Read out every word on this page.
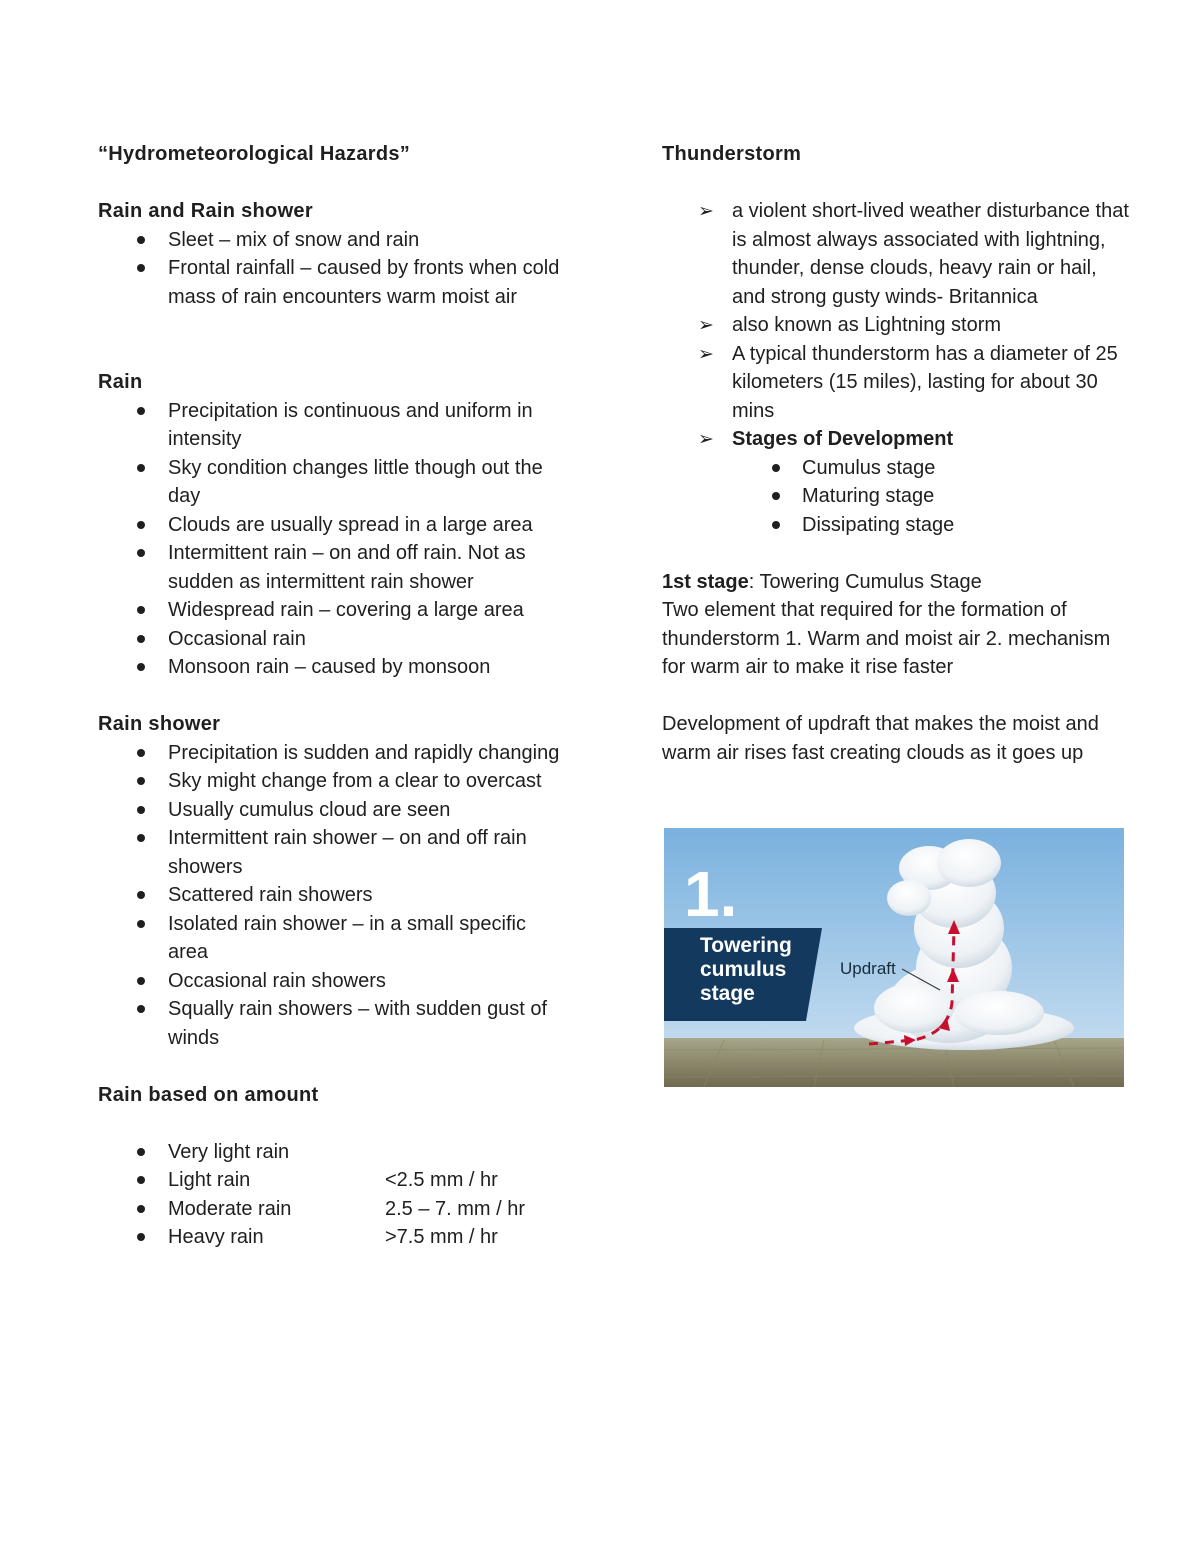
“Hydrometeorological Hazards”

Rain and Rain shower

Sleet – mix of snow and rain
Frontal rainfall – caused by fronts when cold mass of rain encounters warm moist air

Rain

Precipitation is continuous and uniform in intensity
Sky condition changes little though out the day
Clouds are usually spread in a large area
Intermittent rain – on and off rain. Not as sudden as intermittent rain shower
Widespread rain – covering a large area
Occasional rain
Monsoon rain – caused by monsoon

Rain shower

Precipitation is sudden and rapidly changing
Sky might change from a clear to overcast
Usually cumulus cloud are seen
Intermittent rain shower – on and off rain showers
Scattered rain showers
Isolated rain shower – in a small specific area
Occasional rain showers
Squally rain showers – with sudden gust of winds

Rain based on amount

Very light rain
Light rain	<2.5 mm / hr
Moderate rain	2.5 – 7. mm / hr
Heavy rain	>7.5 mm / hr

Thunderstorm

➢ a violent short-lived weather disturbance that is almost always associated with lightning, thunder, dense clouds, heavy rain or hail, and strong gusty winds- Britannica
➢ also known as Lightning storm
➢ A typical thunderstorm has a diameter of 25 kilometers (15 miles), lasting for about 30 mins
➢ Stages of Development
Cumulus stage
Maturing stage
Dissipating stage

1st stage: Towering Cumulus Stage

Two element that required for the formation of thunderstorm 1. Warm and moist air 2. mechanism for warm air to make it rise faster

Development of updraft that makes the moist and warm air rises fast creating clouds as it goes up

1.
Towering
cumulus
stage
Updraft
